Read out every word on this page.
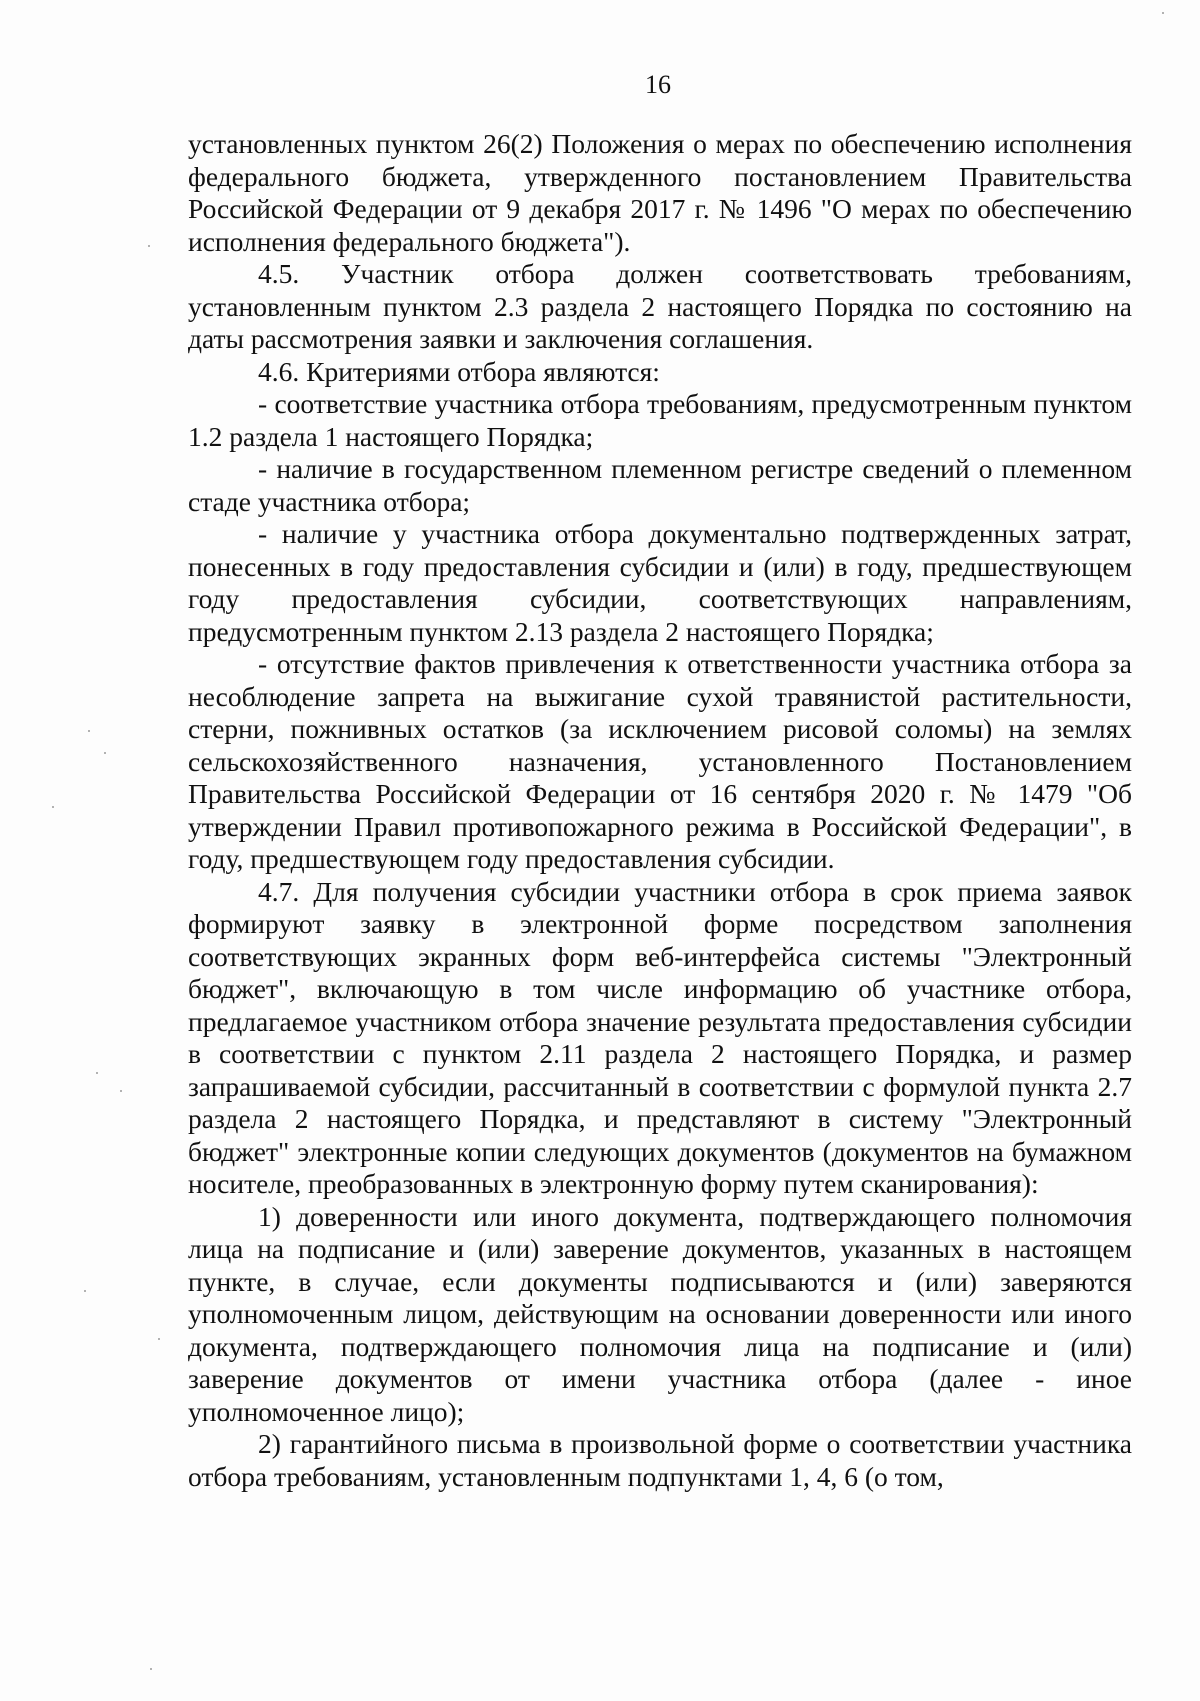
16

установленных пунктом 26(2) Положения о мерах по обеспечению исполнения федерального бюджета, утвержденного постановлением Правительства Российской Федерации от 9 декабря 2017 г. № 1496 "О мерах по обеспечению исполнения федерального бюджета").

4.5. Участник отбора должен соответствовать требованиям, установленным пунктом 2.3 раздела 2 настоящего Порядка по состоянию на даты рассмотрения заявки и заключения соглашения.

4.6. Критериями отбора являются:

- соответствие участника отбора требованиям, предусмотренным пунктом 1.2 раздела 1 настоящего Порядка;

- наличие в государственном племенном регистре сведений о племенном стаде участника отбора;

- наличие у участника отбора документально подтвержденных затрат, понесенных в году предоставления субсидии и (или) в году, предшествующем году предоставления субсидии, соответствующих направлениям, предусмотренным пунктом 2.13 раздела 2 настоящего Порядка;

- отсутствие фактов привлечения к ответственности участника отбора за несоблюдение запрета на выжигание сухой травянистой растительности, стерни, пожнивных остатков (за исключением рисовой соломы) на землях сельскохозяйственного назначения, установленного Постановлением Правительства Российской Федерации от 16 сентября 2020 г. № 1479 "Об утверждении Правил противопожарного режима в Российской Федерации", в году, предшествующем году предоставления субсидии.

4.7. Для получения субсидии участники отбора в срок приема заявок формируют заявку в электронной форме посредством заполнения соответствующих экранных форм веб-интерфейса системы "Электронный бюджет", включающую в том числе информацию об участнике отбора, предлагаемое участником отбора значение результата предоставления субсидии в соответствии с пунктом 2.11 раздела 2 настоящего Порядка, и размер запрашиваемой субсидии, рассчитанный в соответствии с формулой пункта 2.7 раздела 2 настоящего Порядка, и представляют в систему "Электронный бюджет" электронные копии следующих документов (документов на бумажном носителе, преобразованных в электронную форму путем сканирования):

1) доверенности или иного документа, подтверждающего полномочия лица на подписание и (или) заверение документов, указанных в настоящем пункте, в случае, если документы подписываются и (или) заверяются уполномоченным лицом, действующим на основании доверенности или иного документа, подтверждающего полномочия лица на подписание и (или) заверение документов от имени участника отбора (далее - иное уполномоченное лицо);

2) гарантийного письма в произвольной форме о соответствии участника отбора требованиям, установленным подпунктами 1, 4, 6 (о том,
